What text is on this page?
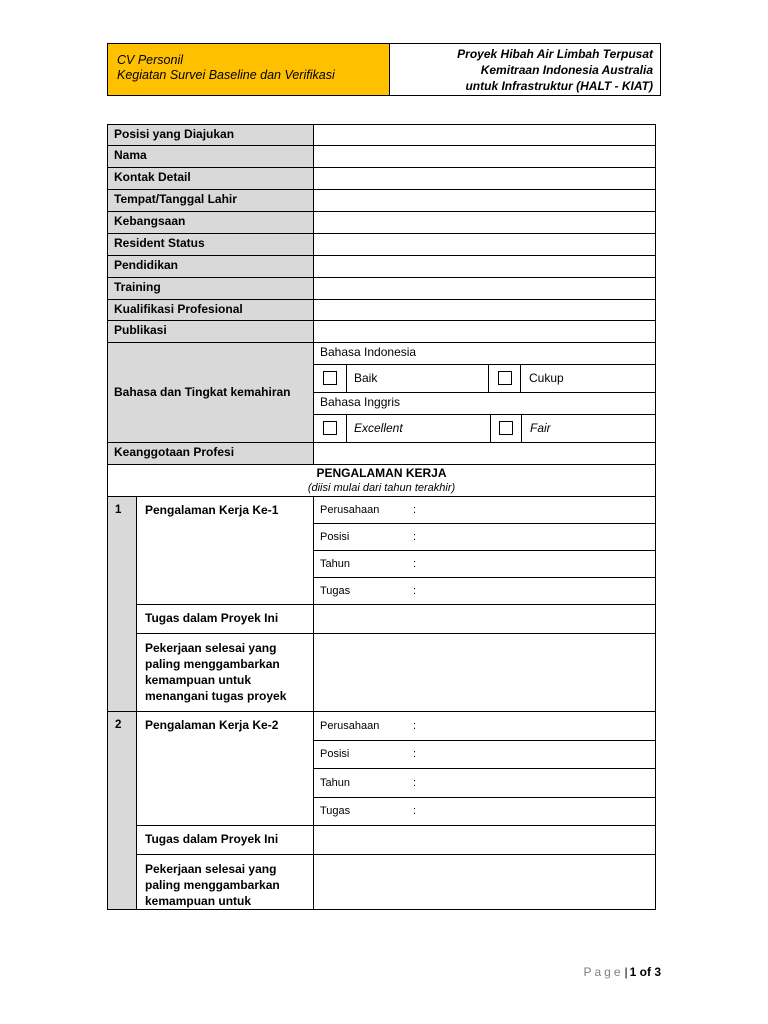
CV Personil
Kegiatan Survei Baseline dan Verifikasi
Proyek Hibah Air Limbah Terpusat
Kemitraan Indonesia Australia
untuk Infrastruktur (HALT - KIAT)
Posisi yang Diajukan
Nama
Kontak Detail
Tempat/Tanggal Lahir
Kebangsaan
Resident Status
Pendidikan
Training
Kualifikasi Profesional
Publikasi
Bahasa dan Tingkat kemahiran
Bahasa Indonesia
Baik	Cukup
Bahasa Inggris
Excellent	Fair
Keanggotaan Profesi
PENGALAMAN KERJA
(diisi mulai dari tahun terakhir)
1	Pengalaman Kerja Ke-1	Perusahaan	:
Posisi	:
Tahun	:
Tugas	:
Tugas dalam Proyek Ini
Pekerjaan selesai yang paling menggambarkan kemampuan untuk menangani tugas proyek
2	Pengalaman Kerja Ke-2	Perusahaan	:
Posisi	:
Tahun	:
Tugas	:
Tugas dalam Proyek Ini
Pekerjaan selesai yang paling menggambarkan kemampuan untuk
Page| 1 of 3
